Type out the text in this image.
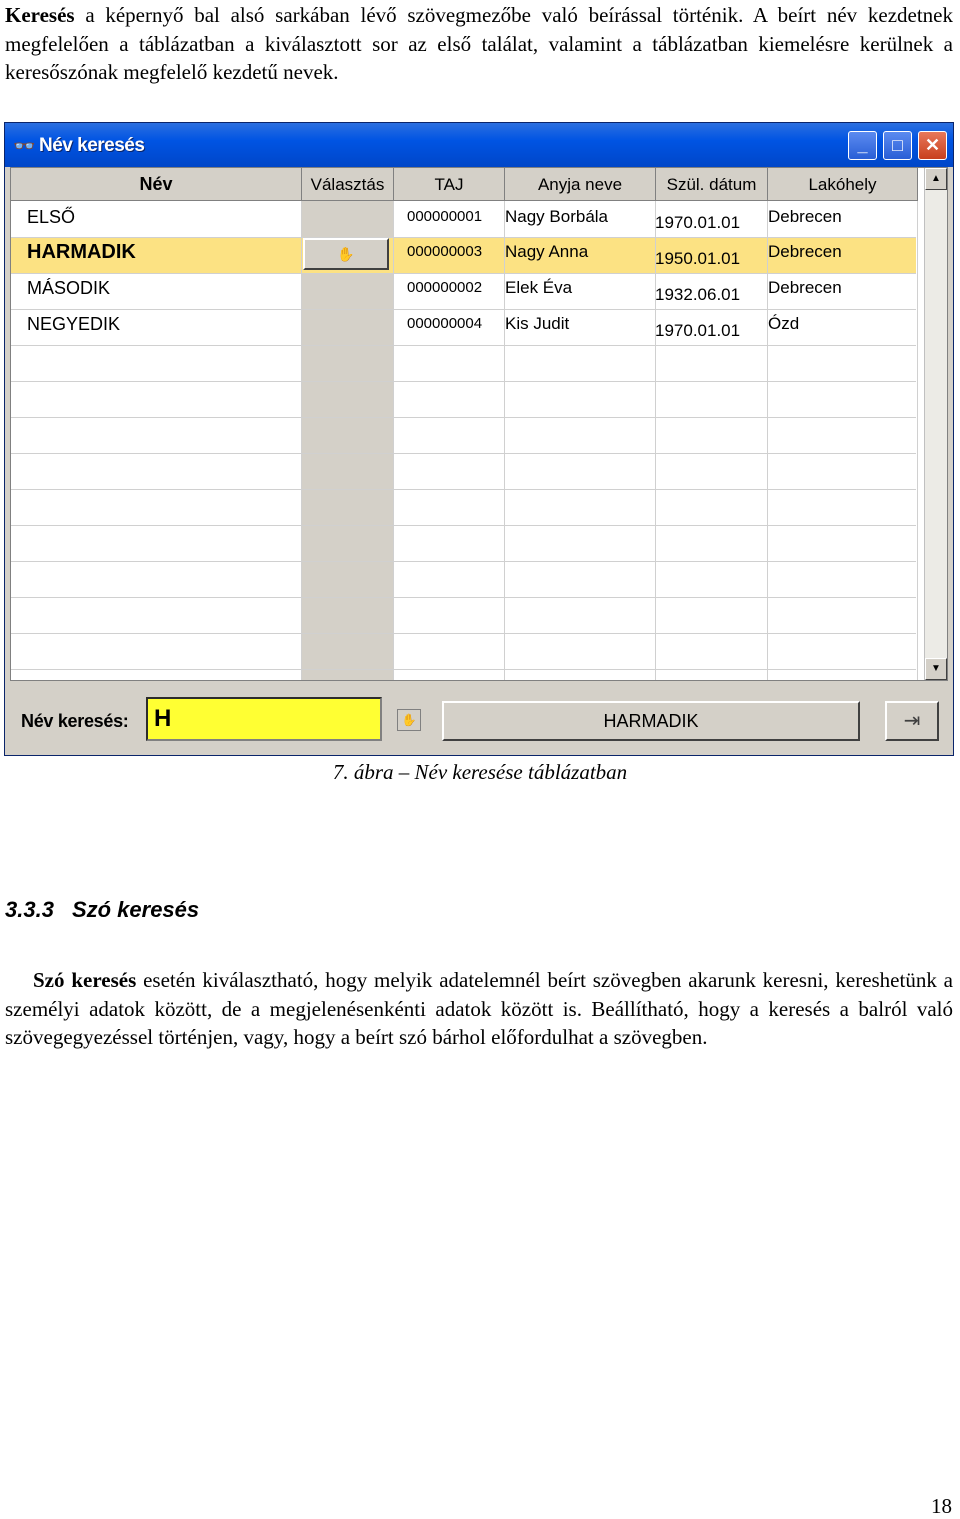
Keresés a képernyő bal alsó sarkában lévő szövegmezőbe való beírással történik. A beírt név kezdetnek megfelelően a táblázatban a kiválasztott sor az első találat, valamint a táblázatban kiemelésre kerülnek a keresőszónak megfelelő kezdetű nevek.
👓 Név keresés	_	□	✕
Név	Választás	TAJ	Anyja neve	Szül. dátum	Lakóhely
ELSŐ	000000001 Nagy Borbála	1970.01.01 Debrecen
HARMADIK	✋	000000003 Nagy Anna	1950.01.01 Debrecen
MÁSODIK	000000002 Elek Éva	1932.06.01 Debrecen
NEGYEDIK	000000004 Kis Judit	1970.01.01 Ózd
▲
▼
Név keresés:	H	✋	HARMADIK	⇥
7. ábra – Név keresése táblázatban
3.3.3 Szó keresés
Szó keresés esetén kiválasztható, hogy melyik adatelemnél beírt szövegben akarunk keresni, kereshetünk a személyi adatok között, de a megjelenésenkénti adatok között is. Beállítható, hogy a keresés a balról való szövegegyezéssel történjen, vagy, hogy a beírt szó bárhol előfordulhat a szövegben.
18
